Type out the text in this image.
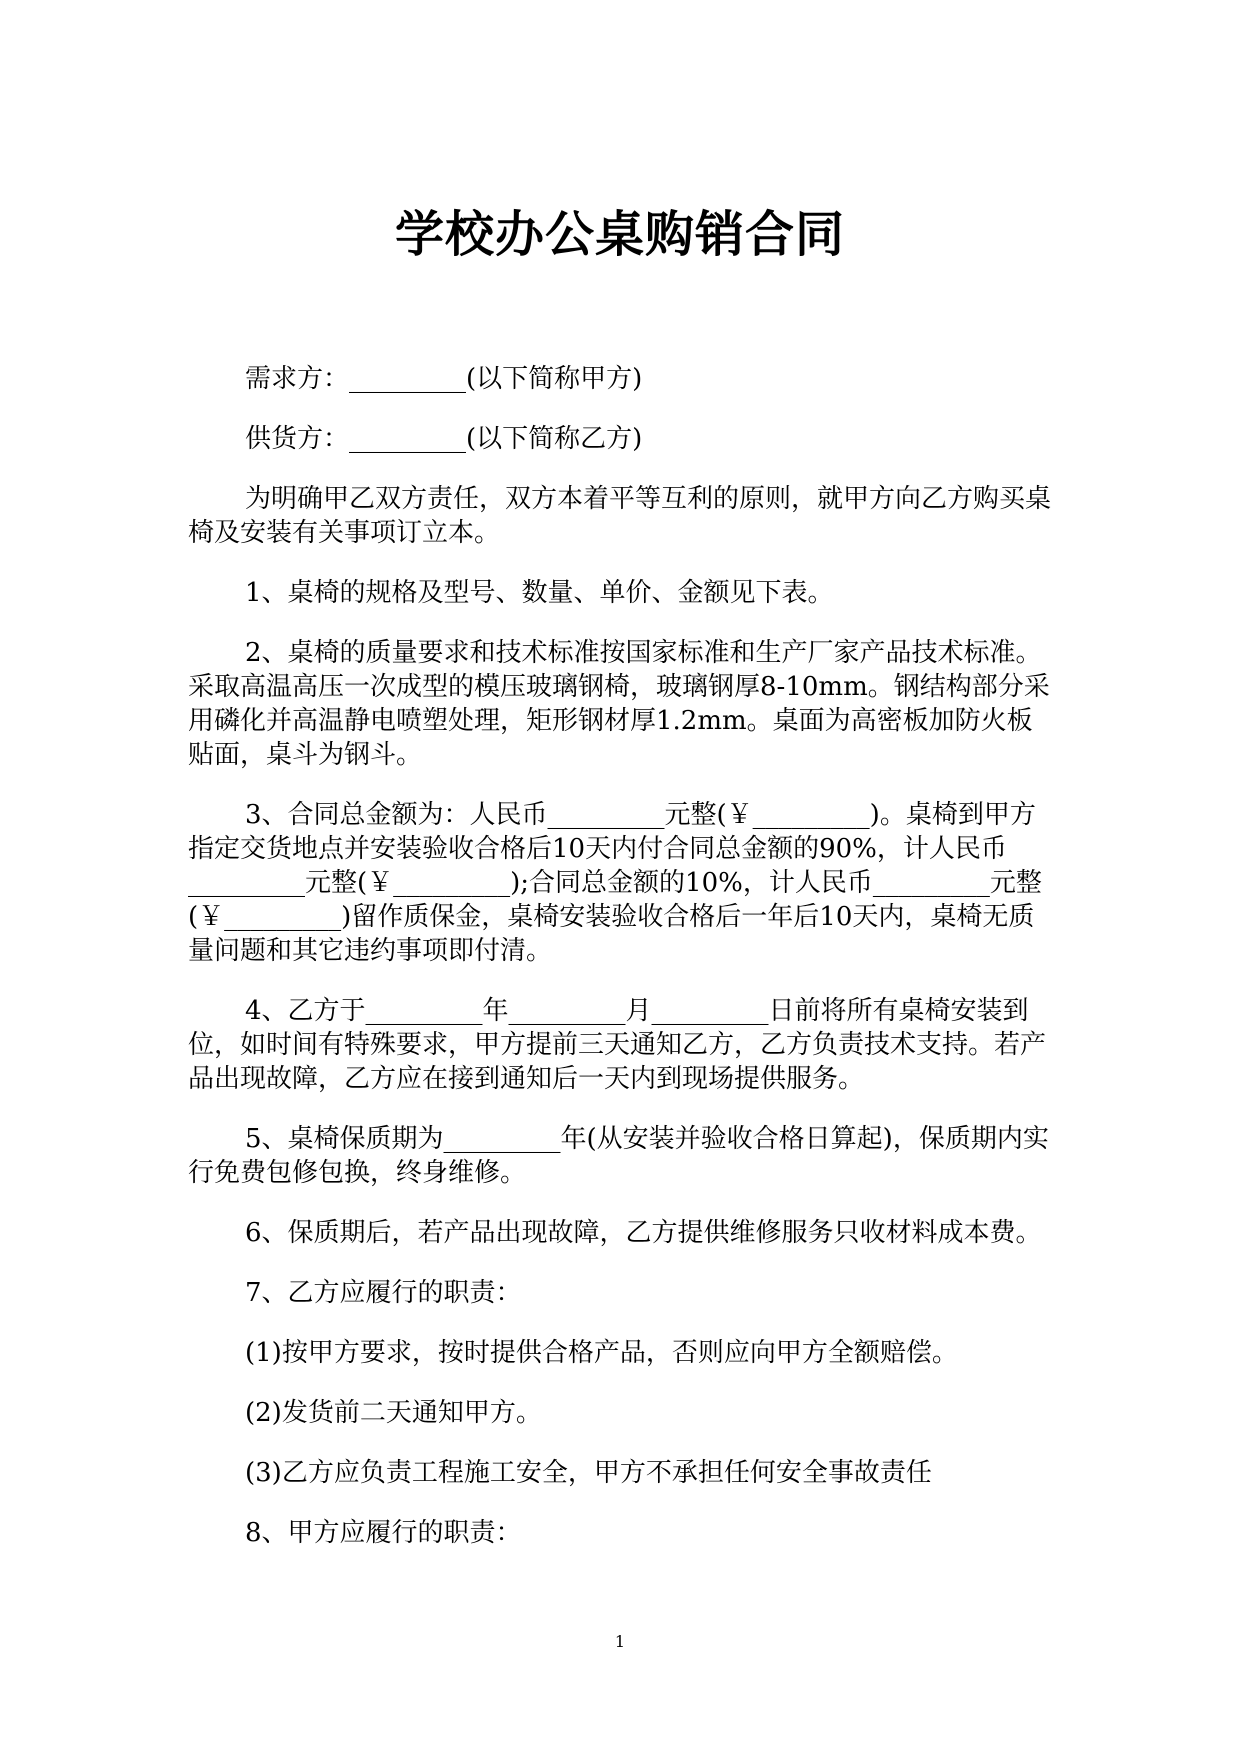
学校办公桌购销合同

需求方：_________(以下简称甲方)

供货方：_________(以下简称乙方)

为明确甲乙双方责任，双方本着平等互利的原则，就甲方向乙方购买桌椅及安装有关事项订立本。

1、桌椅的规格及型号、数量、单价、金额见下表。

2、桌椅的质量要求和技术标准按国家标准和生产厂家产品技术标准。采取高温高压一次成型的模压玻璃钢椅，玻璃钢厚8-10mm。钢结构部分采用磷化并高温静电喷塑处理，矩形钢材厚1.2mm。桌面为高密板加防火板贴面，桌斗为钢斗。

3、合同总金额为：人民币_________元整(￥_________)。桌椅到甲方指定交货地点并安装验收合格后10天内付合同总金额的90%，计人民币_________元整(￥_________);合同总金额的10%，计人民币_________元整(￥_________)留作质保金，桌椅安装验收合格后一年后10天内，桌椅无质量问题和其它违约事项即付清。

4、乙方于_________年_________月_________日前将所有桌椅安装到位，如时间有特殊要求，甲方提前三天通知乙方，乙方负责技术支持。若产品出现故障，乙方应在接到通知后一天内到现场提供服务。

5、桌椅保质期为_________年(从安装并验收合格日算起)，保质期内实行免费包修包换，终身维修。

6、保质期后，若产品出现故障，乙方提供维修服务只收材料成本费。

7、乙方应履行的职责：

(1)按甲方要求，按时提供合格产品，否则应向甲方全额赔偿。

(2)发货前二天通知甲方。

(3)乙方应负责工程施工安全，甲方不承担任何安全事故责任

8、甲方应履行的职责：

1
